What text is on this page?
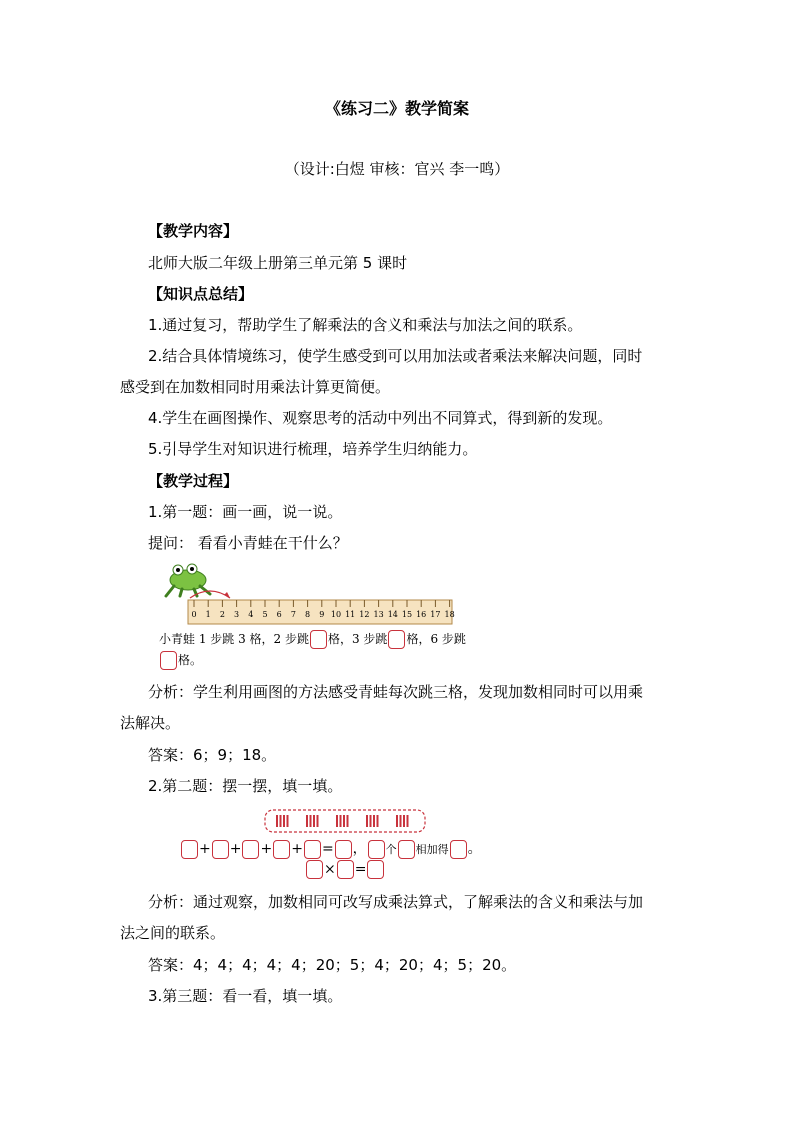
《练习二》教学简案
（设计:白煜 审核：官兴 李一鸣）
【教学内容】
北师大版二年级上册第三单元第 5 课时
【知识点总结】
1.通过复习，帮助学生了解乘法的含义和乘法与加法之间的联系。
2.结合具体情境练习，使学生感受到可以用加法或者乘法来解决问题，同时
感受到在加数相同时用乘法计算更简便。
4.学生在画图操作、观察思考的活动中列出不同算式，得到新的发现。
5.引导学生对知识进行梳理，培养学生归纳能力。
【教学过程】
1.第一题：画一画，说一说。
提问： 看看小青蛙在干什么？
0 1 2 3 4 5 6 7 8 9 10 11 12 13 14 15 16 17 18
小青蛙 1 步跳 3 格，2 步跳 格，3 步跳 格，6 步跳
格。
分析：学生利用画图的方法感受青蛙每次跳三格，发现加数相同时可以用乘
法解决。
答案：6；9；18。
2.第二题：摆一摆，填一填。
+ + + + = ， 个 相加得 。
× =
分析：通过观察，加数相同可改写成乘法算式，了解乘法的含义和乘法与加
法之间的联系。
答案：4；4；4；4；4；20；5；4；20；4；5；20。
3.第三题：看一看，填一填。
